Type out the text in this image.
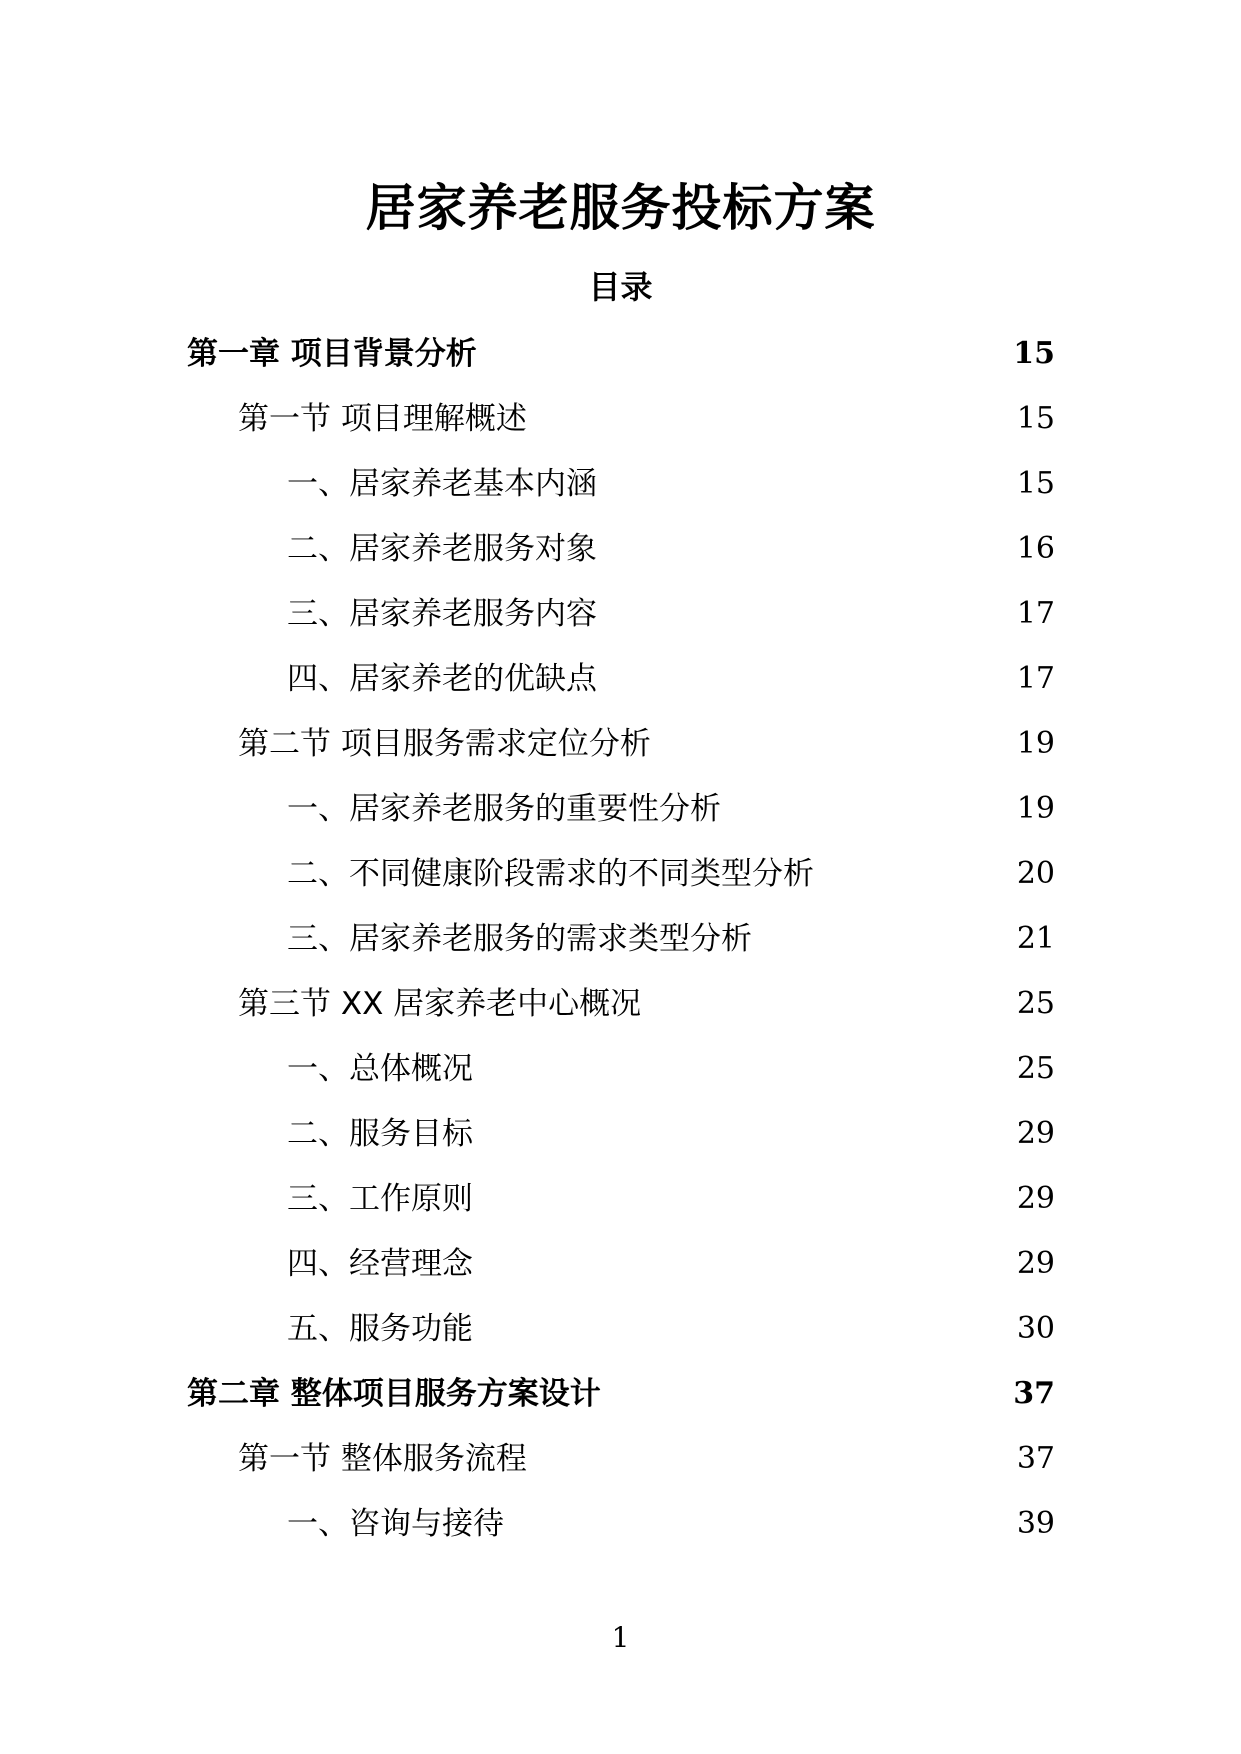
居家养老服务投标方案
目录
第一章 项目背景分析	15
第一节 项目理解概述	15
一、居家养老基本内涵	15
二、居家养老服务对象	16
三、居家养老服务内容	17
四、居家养老的优缺点	17
第二节 项目服务需求定位分析	19
一、居家养老服务的重要性分析	19
二、不同健康阶段需求的不同类型分析	20
三、居家养老服务的需求类型分析	21
第三节 XX 居家养老中心概况	25
一、总体概况	25
二、服务目标	29
三、工作原则	29
四、经营理念	29
五、服务功能	30
第二章 整体项目服务方案设计	37
第一节 整体服务流程	37
一、咨询与接待	39
1
